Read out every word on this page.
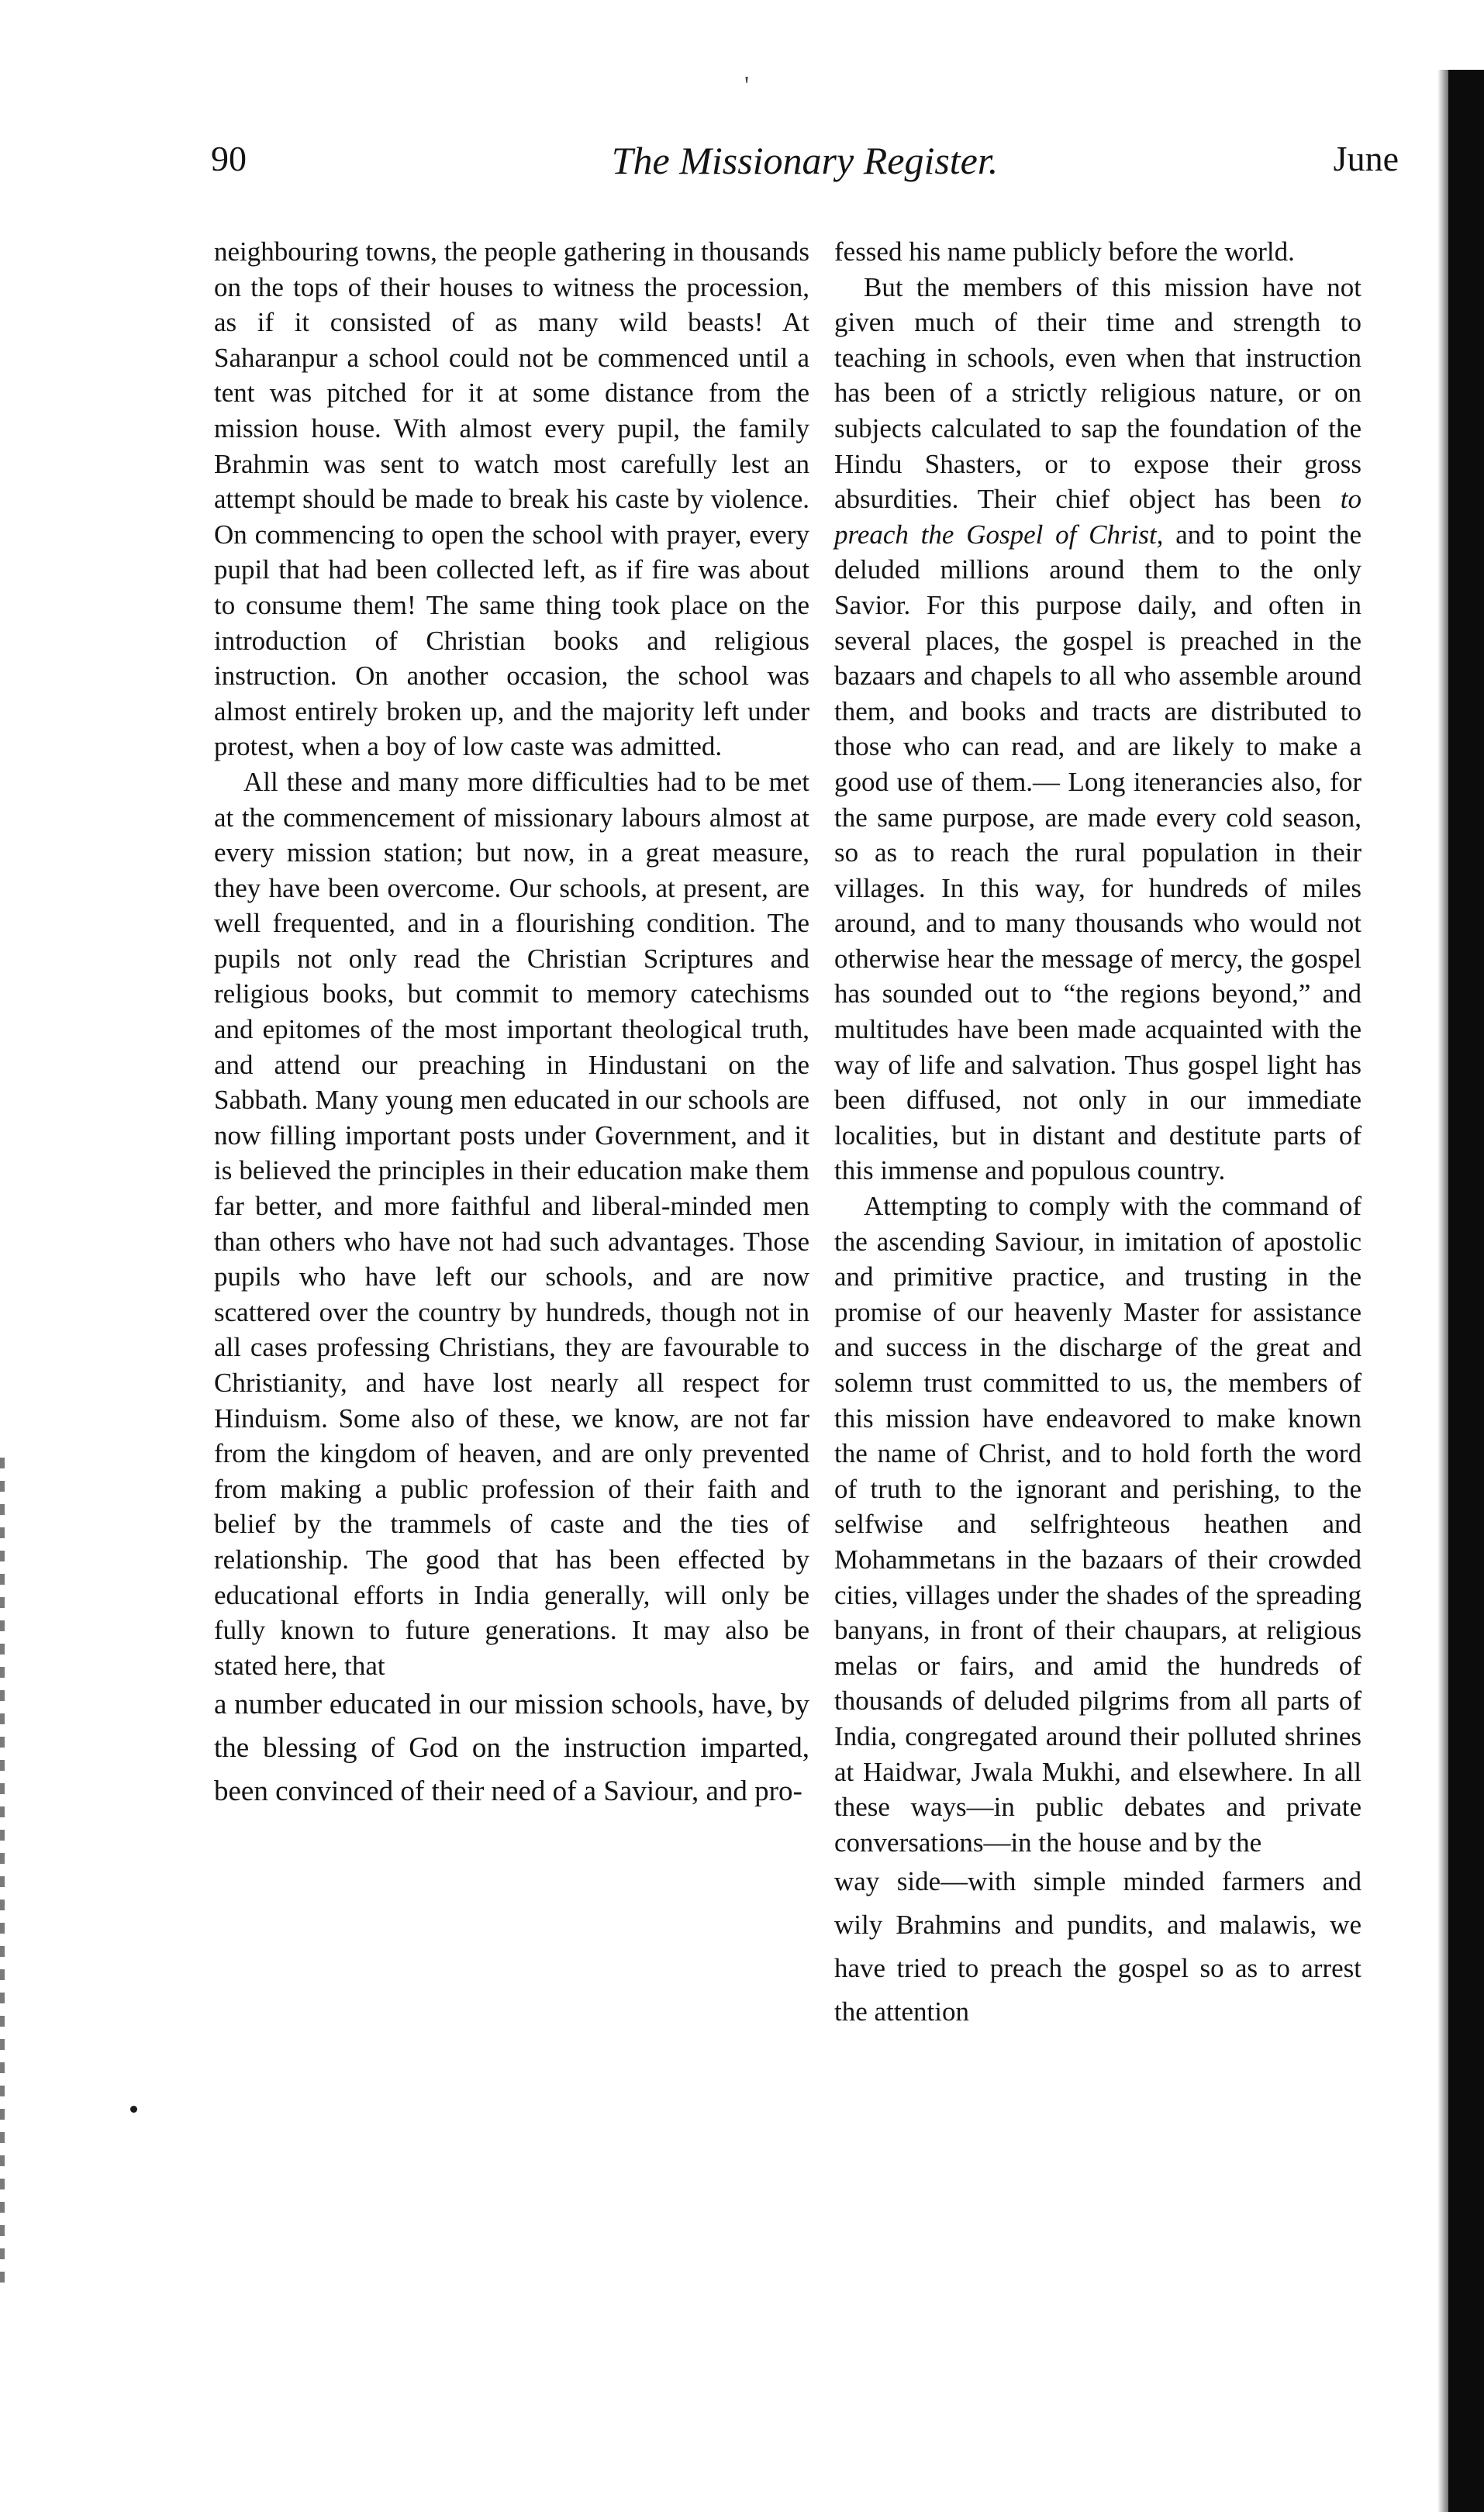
'
90	The Missionary Register.	June

neighbouring towns, the people gathering in thousands on the tops of their houses to witness the procession, as if it consisted of as many wild beasts! At Saharanpur a school could not be commenced until a tent was pitched for it at some distance from the mission house. With almost every pupil, the family Brahmin was sent to watch most carefully lest an attempt should be made to break his caste by violence. On commencing to open the school with prayer, every pupil that had been collected left, as if fire was about to consume them! The same thing took place on the introduction of Christian books and religious instruction. On another occasion, the school was almost entirely broken up, and the majority left under protest, when a boy of low caste was admitted.

All these and many more difficulties had to be met at the commencement of missionary labours almost at every mission station; but now, in a great measure, they have been overcome. Our schools, at present, are well frequented, and in a flourishing condition. The pupils not only read the Christian Scriptures and religious books, but commit to memory catechisms and epitomes of the most important theological truth, and attend our preaching in Hindustani on the Sabbath. Many young men educated in our schools are now filling important posts under Government, and it is believed the principles in their education make them far better, and more faithful and liberal-minded men than others who have not had such advantages. Those pupils who have left our schools, and are now scattered over the country by hundreds, though not in all cases professing Christians, they are favourable to Christianity, and have lost nearly all respect for Hinduism. Some also of these, we know, are not far from the kingdom of heaven, and are only prevented from making a public profession of their faith and belief by the trammels of caste and the ties of relationship. The good that has been effected by educational efforts in India generally, will only be fully known to future generations. It may also be stated here, that

a number educated in our mission schools, have, by the blessing of God on the instruction imparted, been convinced of their need of a Saviour, and pro-

fessed his name publicly before the world.

But the members of this mission have not given much of their time and strength to teaching in schools, even when that instruction has been of a strictly religious nature, or on subjects calculated to sap the foundation of the Hindu Shasters, or to expose their gross absurdities. Their chief object has been to preach the Gospel of Christ, and to point the deluded millions around them to the only Savior. For this purpose daily, and often in several places, the gospel is preached in the bazaars and chapels to all who assemble around them, and books and tracts are distributed to those who can read, and are likely to make a good use of them.— Long itenerancies also, for the same purpose, are made every cold season, so as to reach the rural population in their villages. In this way, for hundreds of miles around, and to many thousands who would not otherwise hear the message of mercy, the gospel has sounded out to “the regions beyond,” and multitudes have been made acquainted with the way of life and salvation. Thus gospel light has been diffused, not only in our immediate localities, but in distant and destitute parts of this immense and populous country.

Attempting to comply with the command of the ascending Saviour, in imitation of apostolic and primitive practice, and trusting in the promise of our heavenly Master for assistance and success in the discharge of the great and solemn trust committed to us, the members of this mission have endeavored to make known the name of Christ, and to hold forth the word of truth to the ignorant and perishing, to the selfwise and selfrighteous heathen and Mohammetans in the bazaars of their crowded cities, villages under the shades of the spreading banyans, in front of their chaupars, at religious melas or fairs, and amid the hundreds of thousands of deluded pilgrims from all parts of India, congregated around their polluted shrines at Haidwar, Jwala Mukhi, and elsewhere. In all these ways—in public debates and private conversations—in the house and by the

way side—with simple minded farmers and wily Brahmins and pundits, and malawis, we have tried to preach the gospel so as to arrest the attention
